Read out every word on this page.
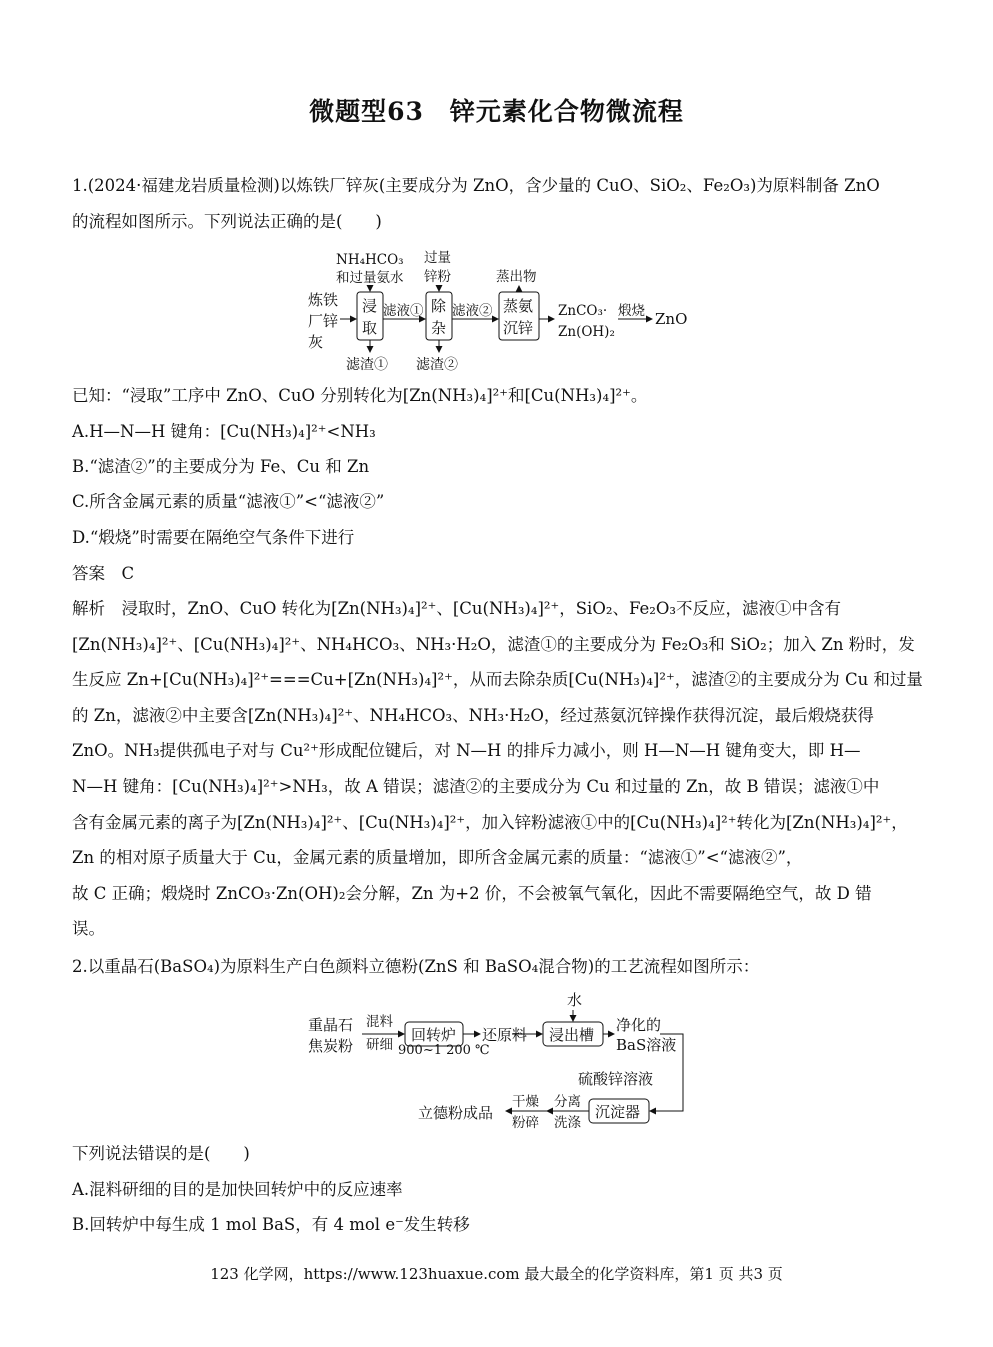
微题型63　锌元素化合物微流程
1.(2024·福建龙岩质量检测)以炼铁厂锌灰(主要成分为 ZnO，含少量的 CuO、SiO₂、Fe₂O₃)为原料制备 ZnO
的流程如图所示。下列说法正确的是(　　)
炼铁
厂锌
灰
NH₄HCO₃
和过量氨水
过量
锌粉	蒸出物
浸
取
滤液① 除
杂
滤液② 蒸氨
沉锌
ZnCO₃·
Zn(OH)₂
煅烧 ZnO
滤渣① 滤渣②
已知：“浸取”工序中 ZnO、CuO 分别转化为[Zn(NH₃)₄]²⁺和[Cu(NH₃)₄]²⁺。
A.H—N—H 键角：[Cu(NH₃)₄]²⁺<NH₃
B.“滤渣②”的主要成分为 Fe、Cu 和 Zn
C.所含金属元素的质量“滤液①”<“滤液②”
D.“煅烧”时需要在隔绝空气条件下进行
答案　C
解析　浸取时，ZnO、CuO 转化为[Zn(NH₃)₄]²⁺、[Cu(NH₃)₄]²⁺，SiO₂、Fe₂O₃不反应，滤液①中含有
[Zn(NH₃)₄]²⁺、[Cu(NH₃)₄]²⁺、NH₄HCO₃、NH₃·H₂O，滤渣①的主要成分为 Fe₂O₃和 SiO₂；加入 Zn 粉时，发
生反应 Zn+[Cu(NH₃)₄]²⁺===Cu+[Zn(NH₃)₄]²⁺，从而去除杂质[Cu(NH₃)₄]²⁺，滤渣②的主要成分为 Cu 和过量
的 Zn，滤液②中主要含[Zn(NH₃)₄]²⁺、NH₄HCO₃、NH₃·H₂O，经过蒸氨沉锌操作获得沉淀，最后煅烧获得
ZnO。NH₃提供孤电子对与 Cu²⁺形成配位键后，对 N—H 的排斥力减小，则 H—N—H 键角变大，即 H—
N—H 键角：[Cu(NH₃)₄]²⁺>NH₃，故 A 错误；滤渣②的主要成分为 Cu 和过量的 Zn，故 B 错误；滤液①中
含有金属元素的离子为[Zn(NH₃)₄]²⁺、[Cu(NH₃)₄]²⁺，加入锌粉滤液①中的[Cu(NH₃)₄]²⁺转化为[Zn(NH₃)₄]²⁺，
Zn 的相对原子质量大于 Cu，金属元素的质量增加，即所含金属元素的质量：“滤液①”<“滤液②”，
故 C 正确；煅烧时 ZnCO₃·Zn(OH)₂会分解，Zn 为+2 价，不会被氧气氧化，因此不需要隔绝空气，故 D 错
误。
2.以重晶石(BaSO₄)为原料生产白色颜料立德粉(ZnS 和 BaSO₄混合物)的工艺流程如图所示：
重晶石
焦炭粉
混料
研细
回转炉
900~1 200 ℃
还原料
水
浸出槽
净化的
BaS溶液
硫酸锌溶液
沉淀器
分离
洗涤
干燥
粉碎
立德粉成品
下列说法错误的是(　　)
A.混料研细的目的是加快回转炉中的反应速率
B.回转炉中每生成 1 mol BaS，有 4 mol e⁻发生转移
123 化学网，https://www.123huaxue.com 最大最全的化学资料库，第1 页 共3 页
